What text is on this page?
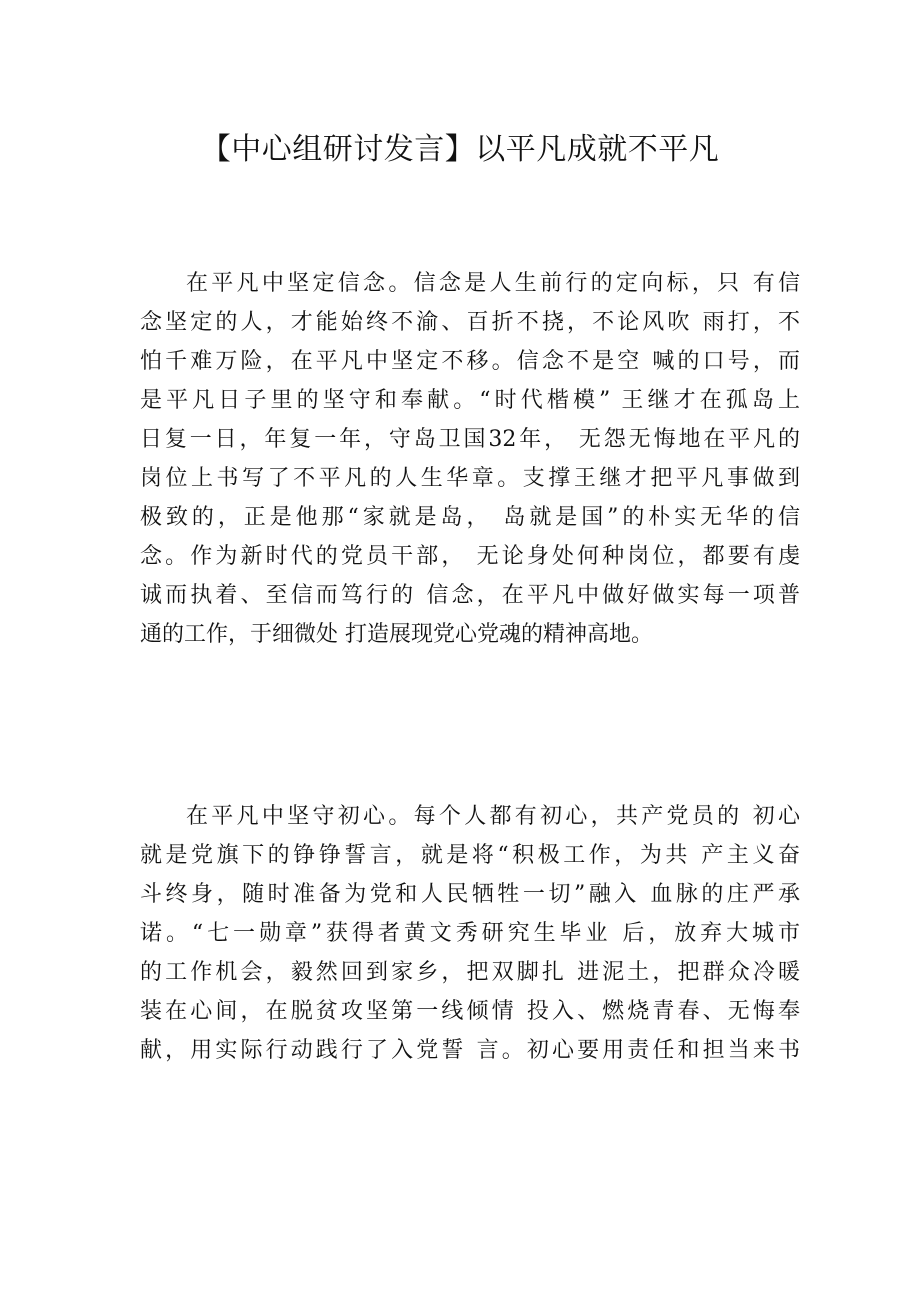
【中心组研讨发言】以平凡成就不平凡
在平凡中坚定信念。信念是人生前行的定向标，只 有信
念坚定的人，才能始终不渝、百折不挠，不论风吹 雨打，不
怕千难万险，在平凡中坚定不移。信念不是空 喊的口号，而
是平凡日子里的坚守和奉献。“时代楷模” 王继才在孤岛上
日复一日，年复一年，守岛卫国32年， 无怨无悔地在平凡的
岗位上书写了不平凡的人生华章。支撑王继才把平凡事做到
极致的，正是他那“家就是岛， 岛就是国”的朴实无华的信
念。作为新时代的党员干部， 无论身处何种岗位，都要有虔
诚而执着、至信而笃行的 信念，在平凡中做好做实每一项普
通的工作，于细微处 打造展现党心党魂的精神高地。
在平凡中坚守初心。每个人都有初心，共产党员的 初心
就是党旗下的铮铮誓言，就是将“积极工作，为共 产主义奋
斗终身，随时准备为党和人民牺牲一切”融入 血脉的庄严承
诺。“七一勋章”获得者黄文秀研究生毕业 后，放弃大城市
的工作机会，毅然回到家乡，把双脚扎 进泥土，把群众冷暖
装在心间，在脱贫攻坚第一线倾情 投入、燃烧青春、无悔奉
献，用实际行动践行了入党誓 言。初心要用责任和担当来书
